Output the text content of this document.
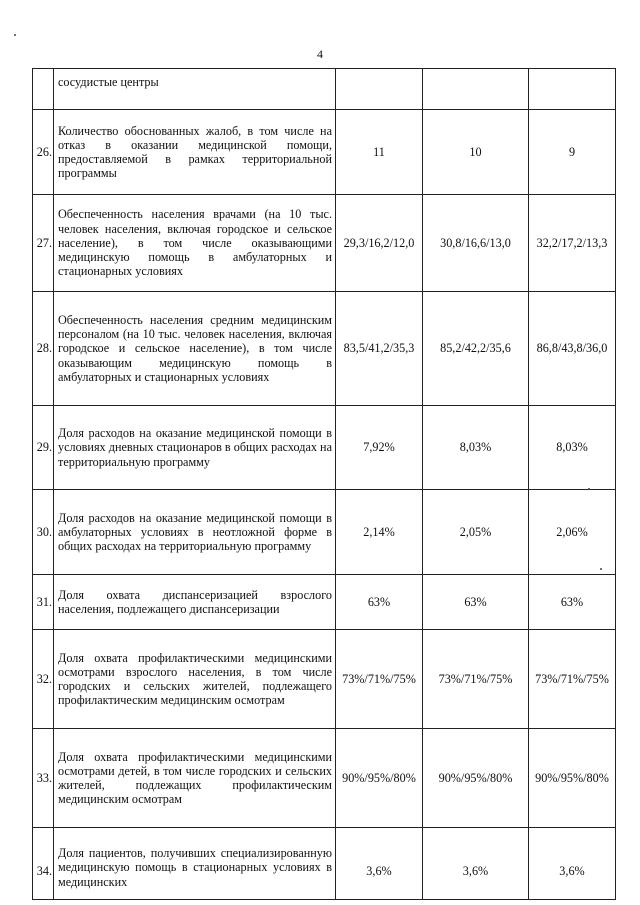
4
	сосудистые центры			
26.	Количество обоснованных жалоб, в том числе на отказ в оказании медицинской помощи, предоставляемой в рамках территориальной программы	11	10	9
27.	Обеспеченность населения врачами (на 10 тыс. человек населения, включая городское и сельское население), в том числе оказывающими медицинскую помощь в амбулаторных и стационарных условиях	29,3/16,2/12,0	30,8/16,6/13,0	32,2/17,2/13,3
28.	Обеспеченность населения средним медицинским персоналом (на 10 тыс. человек населения, включая городское и сельское население), в том числе оказывающим медицинскую помощь в амбулаторных и стационарных условиях	83,5/41,2/35,3	85,2/42,2/35,6	86,8/43,8/36,0
29.	Доля расходов на оказание медицинской помощи в условиях дневных стационаров в общих расходах на территориальную программу	7,92%	8,03%	8,03%
30.	Доля расходов на оказание медицинской помощи в амбулаторных условиях в неотложной форме в общих расходах на территориальную программу	2,14%	2,05%	2,06%
31.	Доля охвата диспансеризацией взрослого населения, подлежащего диспансеризации	63%	63%	63%
32.	Доля охвата профилактическими медицинскими осмотрами взрослого населения, в том числе городских и сельских жителей, подлежащего профилактическим медицинским осмотрам	73%/71%/75%	73%/71%/75%	73%/71%/75%
33.	Доля охвата профилактическими медицинскими осмотрами детей, в том числе городских и сельских жителей, подлежащих профилактическим медицинским осмотрам	90%/95%/80%	90%/95%/80%	90%/95%/80%
34.	Доля пациентов, получивших специализированную медицинскую помощь в стационарных условиях в медицинских	3,6%	3,6%	3,6%
